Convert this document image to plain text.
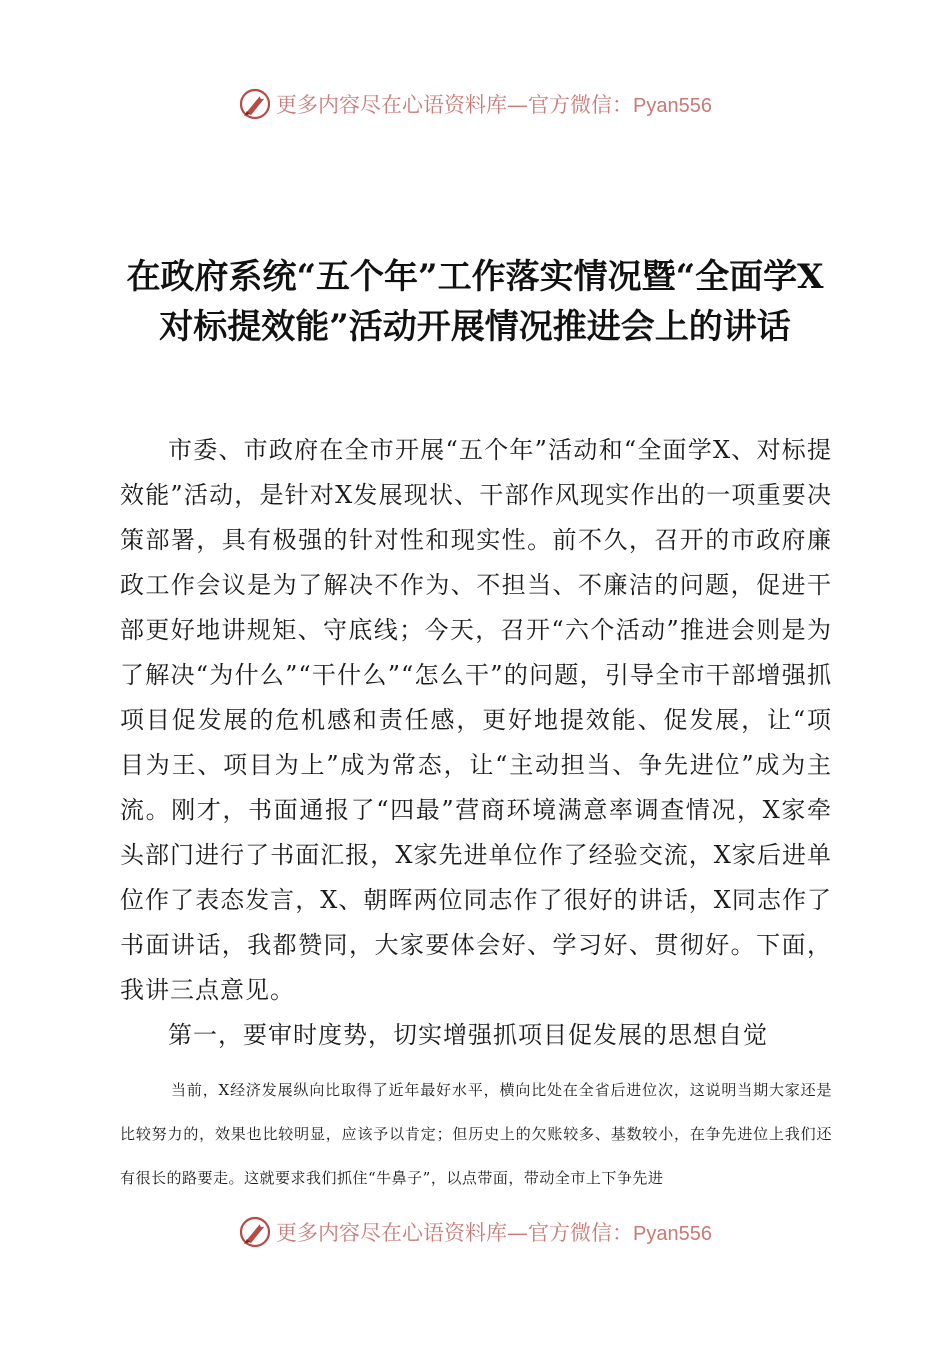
更多内容尽在心语资料库—官方微信：Pyan556
在政府系统“五个年”工作落实情况暨“全面学X对标提效能”活动开展情况推进会上的讲话

市委、市政府在全市开展“五个年”活动和“全面学X、对标提效能”活动，是针对X发展现状、干部作风现实作出的一项重要决策部署，具有极强的针对性和现实性。前不久，召开的市政府廉政工作会议是为了解决不作为、不担当、不廉洁的问题，促进干部更好地讲规矩、守底线；今天，召开“六个活动”推进会则是为了解决“为什么”“干什么”“怎么干”的问题，引导全市干部增强抓项目促发展的危机感和责任感，更好地提效能、促发展，让“项目为王、项目为上”成为常态，让“主动担当、争先进位”成为主流。刚才，书面通报了“四最”营商环境满意率调查情况，X家牵头部门进行了书面汇报，X家先进单位作了经验交流，X家后进单位作了表态发言，X、朝晖两位同志作了很好的讲话，X同志作了书面讲话，我都赞同，大家要体会好、学习好、贯彻好。下面，我讲三点意见。

第一，要审时度势，切实增强抓项目促发展的思想自觉

当前，X经济发展纵向比取得了近年最好水平，横向比处在全省后进位次，这说明当期大家还是比较努力的，效果也比较明显，应该予以肯定；但历史上的欠账较多、基数较小，在争先进位上我们还有很长的路要走。这就要求我们抓住“牛鼻子”，以点带面，带动全市上下争先进

更多内容尽在心语资料库—官方微信：Pyan556
